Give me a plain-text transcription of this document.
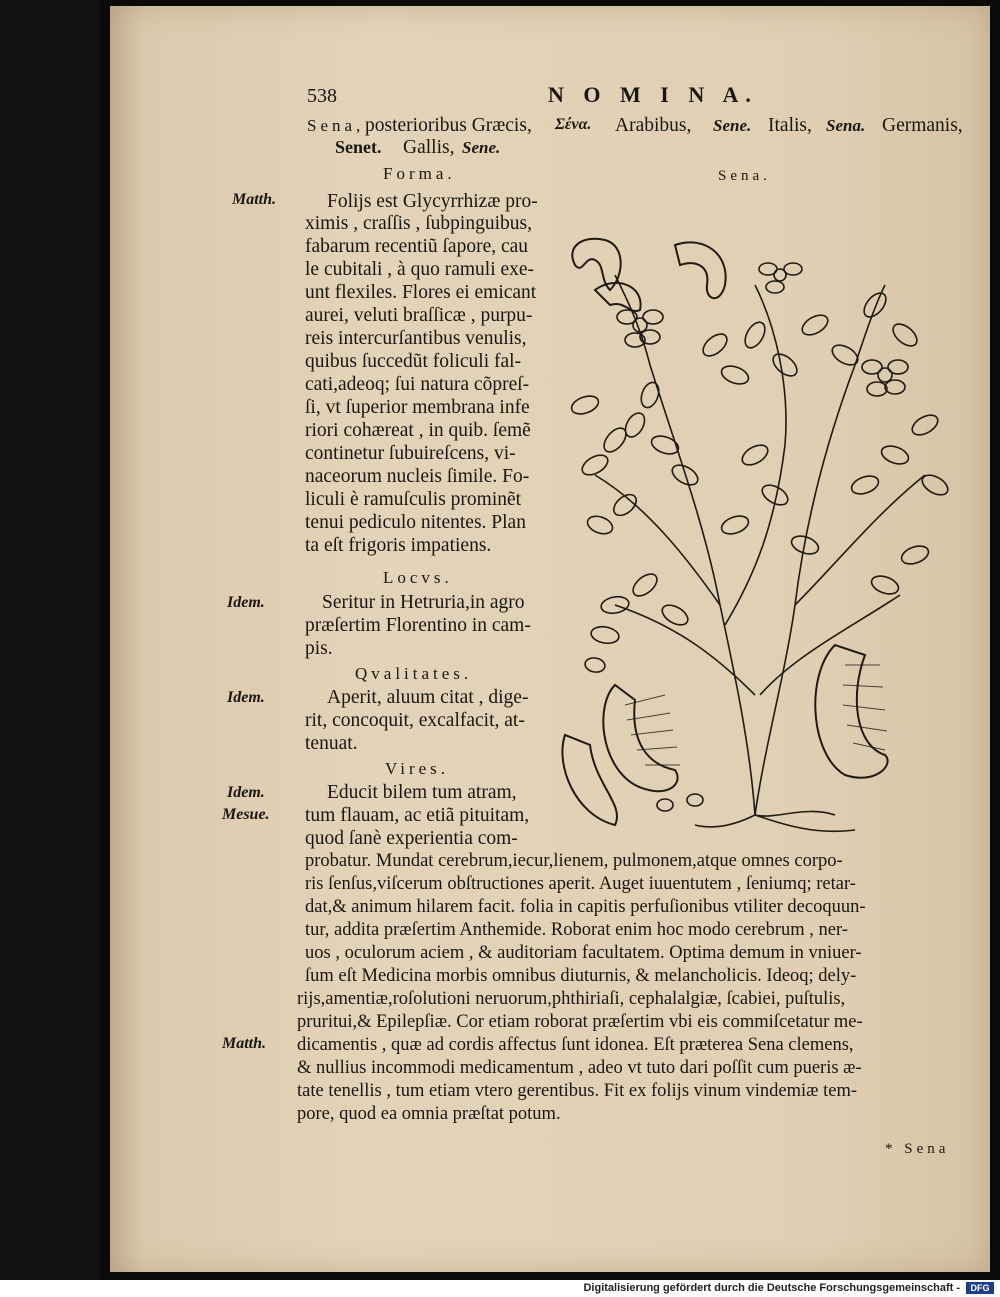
538	N O M I N A.
Sena, posterioribus Græcis, Σένα. Arabibus, Sene. Italis, Sena. Germanis,
Senet. Gallis, Sene.
Forma.	Sena.
Locvs.
Qvalitates.
Vires.
Matth.
Idem.
Idem.
Idem.
Mesue.
Matth.
Folijs est Glycyrrhizæ pro-
ximis , craſſis , ſubpinguibus,
fabarum recentiũ ſapore, cau
le cubitali , à quo ramuli exe-
unt flexiles. Flores ei emicant
aurei, veluti braſſicæ , purpu-
reis intercurſantibus venulis,
quibus ſuccedũt foliculi fal-
cati,adeoq; ſui natura cõpreſ-
ſi, vt ſuperior membrana infe
riori cohæreat , in quib. ſemẽ
continetur ſubuireſcens, vi-
naceorum nucleis ſimile. Fo-
liculi è ramuſculis prominẽt
tenui pediculo nitentes. Plan
ta eſt frigoris impatiens.
Seritur in Hetruria,in agro
præſertim Florentino in cam-
pis.
Aperit, aluum citat , dige-
rit, concoquit, excalfacit, at-
tenuat.
Educit bilem tum atram,
tum flauam, ac etiã pituitam,
quod ſanè experientia com-
probatur. Mundat cerebrum,iecur,lienem, pulmonem,atque omnes corpo-
ris ſenſus,viſcerum obſtructiones aperit. Auget iuuentutem , ſeniumq; retar-
dat,& animum hilarem facit. folia in capitis perfuſionibus vtiliter decoquun-
tur, addita præſertim Anthemide. Roborat enim hoc modo cerebrum , ner-
uos , oculorum aciem , & auditoriam facultatem. Optima demum in vniuer-
ſum eſt Medicina morbis omnibus diuturnis, & melancholicis. Ideoq; dely-
rijs,amentiæ,roſolutioni neruorum,phthiriaſi, cephalalgiæ, ſcabiei, puſtulis,
pruritui,& Epilepſiæ. Cor etiam roborat præſertim vbi eis commiſcetatur me-
dicamentis , quæ ad cordis affectus ſunt idonea. Eſt præterea Sena clemens,
& nullius incommodi medicamentum , adeo vt tuto dari poſſit cum pueris æ-
tate tenellis , tum etiam vtero gerentibus. Fit ex folijs vinum vindemiæ tem-
pore, quod ea omnia præſtat potum.
* Sena
Digitalisierung gefördert durch die Deutsche Forschungsgemeinschaft -	DFG
